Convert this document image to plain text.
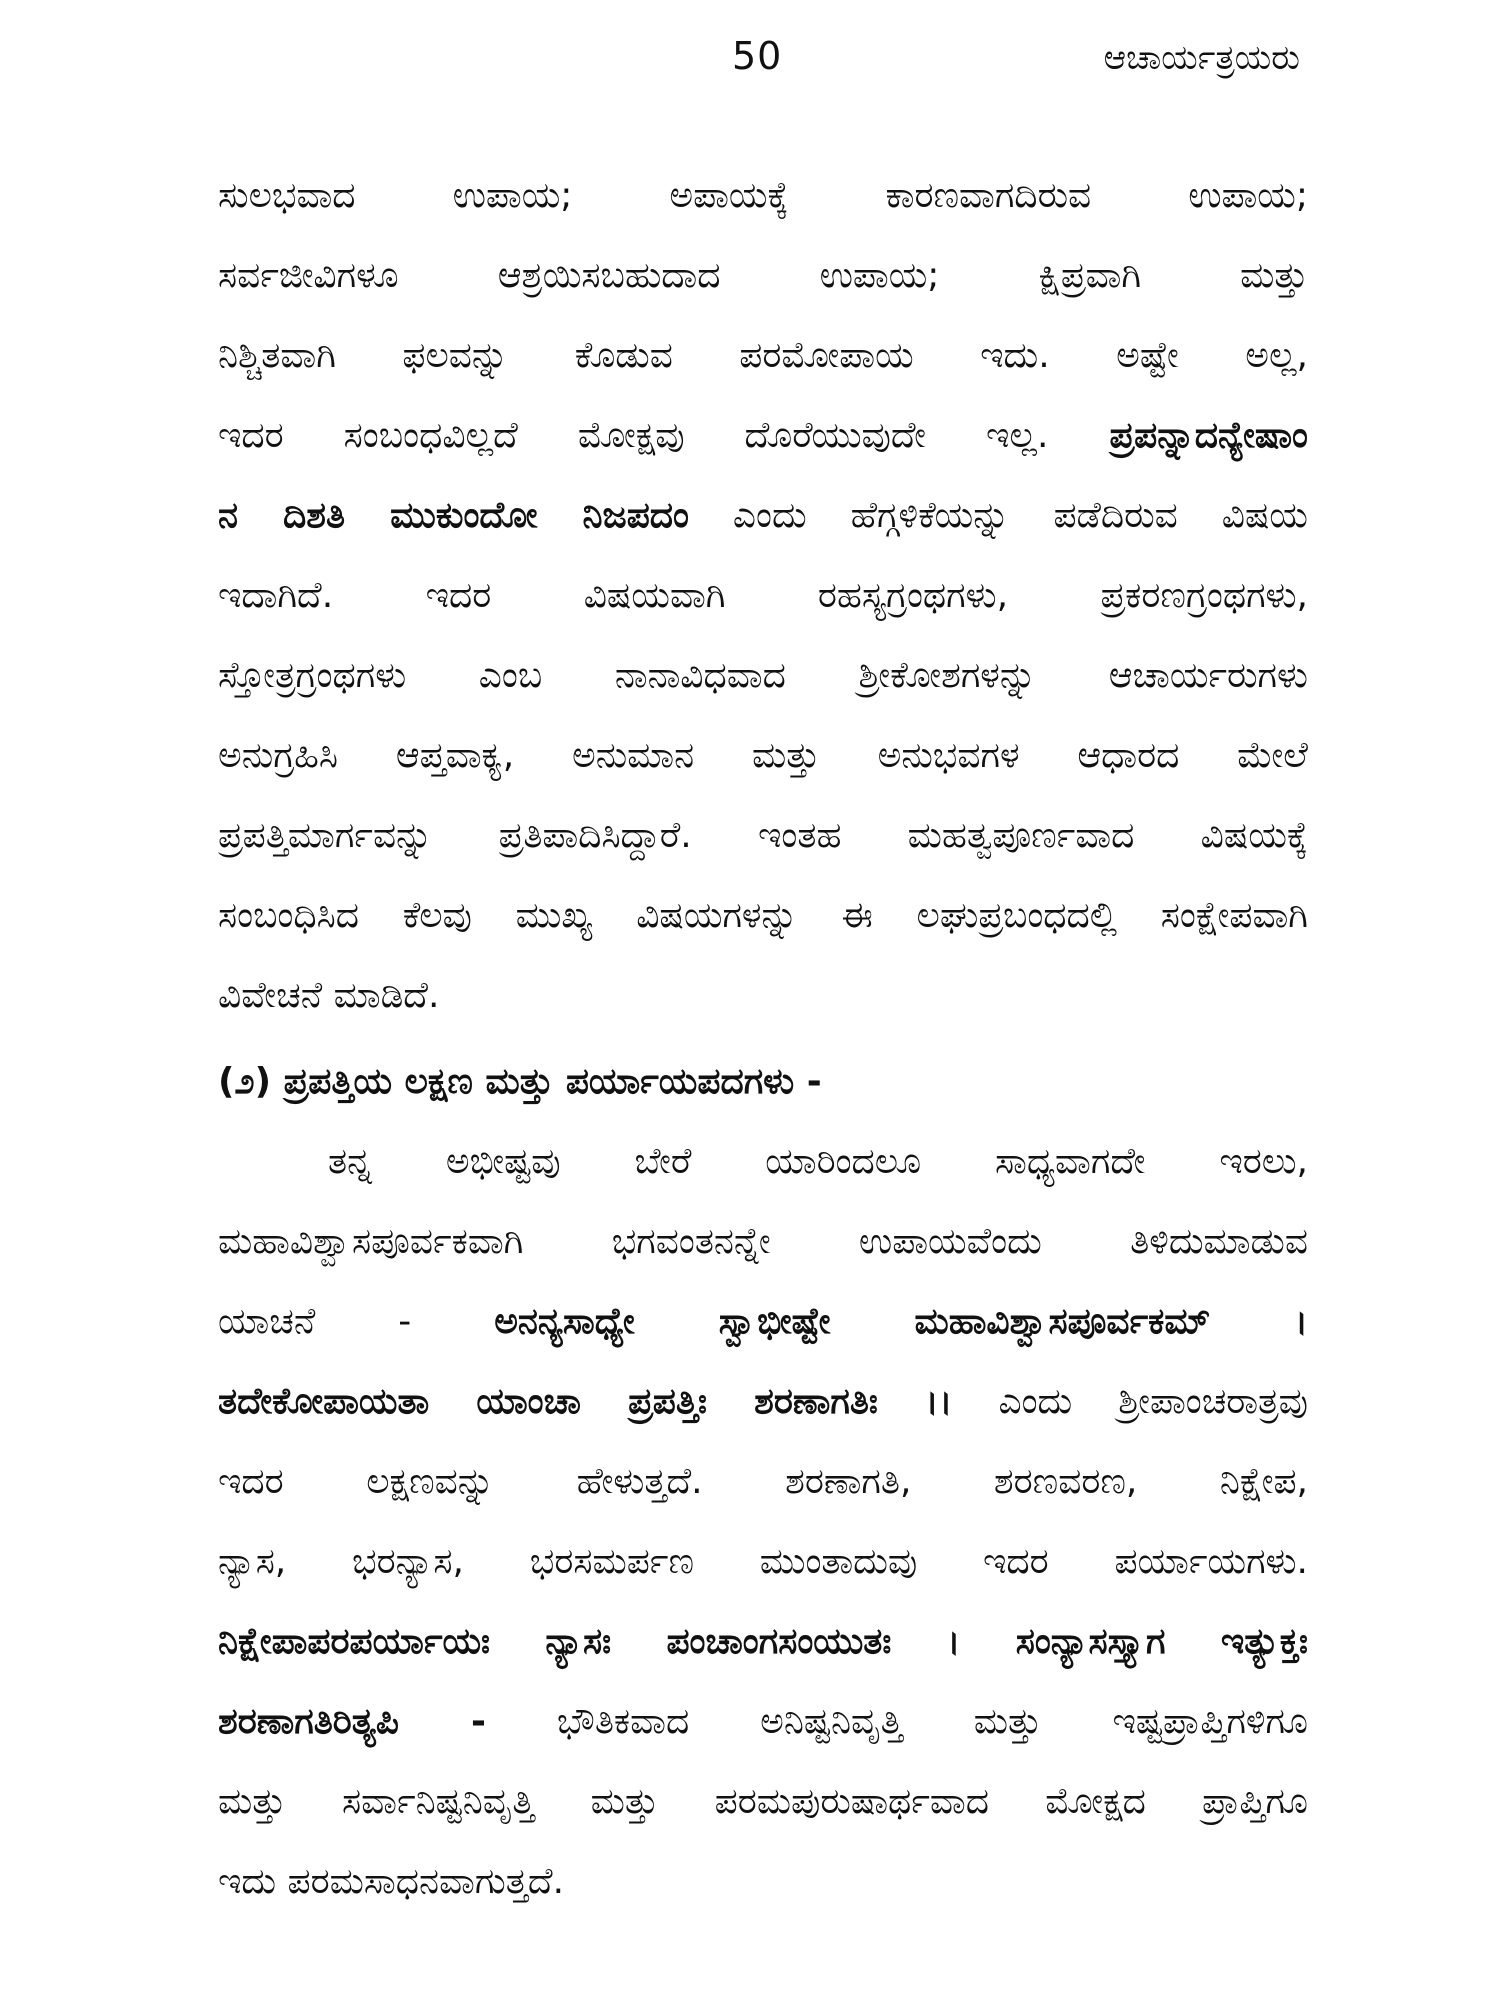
50	ಆಚಾರ್ಯತ್ರಯರು
ಸುಲಭವಾದ ಉಪಾಯ; ಅಪಾಯಕ್ಕೆ ಕಾರಣವಾಗದಿರುವ ಉಪಾಯ;
ಸರ್ವಜೀವಿಗಳೂ ಆಶ್ರಯಿಸಬಹುದಾದ ಉಪಾಯ; ಕ್ಷಿಪ್ರವಾಗಿ ಮತ್ತು
ನಿಶ್ಚಿತವಾಗಿ ಫಲವನ್ನು ಕೊಡುವ ಪರಮೋಪಾಯ ಇದು. ಅಷ್ಟೇ ಅಲ್ಲ,
ಇದರ ಸಂಬಂಧವಿಲ್ಲದೆ ಮೋಕ್ಷವು ದೊರೆಯುವುದೇ ಇಲ್ಲ. ಪ್ರಪನ್ನಾದನ್ಯೇಷಾಂ
ನ ದಿಶತಿ ಮುಕುಂದೋ ನಿಜಪದಂ ಎಂದು ಹೆಗ್ಗಳಿಕೆಯನ್ನು ಪಡೆದಿರುವ ವಿಷಯ
ಇದಾಗಿದೆ. ಇದರ ವಿಷಯವಾಗಿ ರಹಸ್ಯಗ್ರಂಥಗಳು, ಪ್ರಕರಣಗ್ರಂಥಗಳು,
ಸ್ತೋತ್ರಗ್ರಂಥಗಳು ಎಂಬ ನಾನಾವಿಧವಾದ ಶ್ರೀಕೋಶಗಳನ್ನು ಆಚಾರ್ಯರುಗಳು
ಅನುಗ್ರಹಿಸಿ ಆಪ್ತವಾಕ್ಯ, ಅನುಮಾನ ಮತ್ತು ಅನುಭವಗಳ ಆಧಾರದ ಮೇಲೆ
ಪ್ರಪತ್ತಿಮಾರ್ಗವನ್ನು ಪ್ರತಿಪಾದಿಸಿದ್ದಾರೆ. ಇಂತಹ ಮಹತ್ವಪೂರ್ಣವಾದ ವಿಷಯಕ್ಕೆ
ಸಂಬಂಧಿಸಿದ ಕೆಲವು ಮುಖ್ಯ ವಿಷಯಗಳನ್ನು ಈ ಲಘುಪ್ರಬಂಧದಲ್ಲಿ ಸಂಕ್ಷೇಪವಾಗಿ
ವಿವೇಚನೆ ಮಾಡಿದೆ.
(೨) ಪ್ರಪತ್ತಿಯ ಲಕ್ಷಣ ಮತ್ತು ಪರ್ಯಾಯಪದಗಳು -
ತನ್ನ ಅಭೀಷ್ಟವು ಬೇರೆ ಯಾರಿಂದಲೂ ಸಾಧ್ಯವಾಗದೇ ಇರಲು,
ಮಹಾವಿಶ್ವಾಸಪೂರ್ವಕವಾಗಿ ಭಗವಂತನನ್ನೇ ಉಪಾಯವೆಂದು ತಿಳಿದುಮಾಡುವ
ಯಾಚನೆ - ಅನನ್ಯಸಾಧ್ಯೇ ಸ್ವಾಭೀಷ್ಟೇ ಮಹಾವಿಶ್ವಾಸಪೂರ್ವಕಮ್ ।
ತದೇಕೋಪಾಯತಾ ಯಾಂಚಾ ಪ್ರಪತ್ತಿಃ ಶರಣಾಗತಿಃ ।। ಎಂದು ಶ್ರೀಪಾಂಚರಾತ್ರವು
ಇದರ ಲಕ್ಷಣವನ್ನು ಹೇಳುತ್ತದೆ. ಶರಣಾಗತಿ, ಶರಣವರಣ, ನಿಕ್ಷೇಪ,
ನ್ಯಾಸ, ಭರನ್ಯಾಸ, ಭರಸಮರ್ಪಣ ಮುಂತಾದುವು ಇದರ ಪರ್ಯಾಯಗಳು.
ನಿಕ್ಷೇಪಾಪರಪರ್ಯಾಯಃ ನ್ಯಾಸಃ ಪಂಚಾಂಗಸಂಯುತಃ । ಸಂನ್ಯಾಸಸ್ತ್ಯಾಗ ಇತ್ಯುಕ್ತಃ
ಶರಣಾಗತಿರಿತ್ಯಪಿ - ಭೌತಿಕವಾದ ಅನಿಷ್ಟನಿವೃತ್ತಿ ಮತ್ತು ಇಷ್ಟಪ್ರಾಪ್ತಿಗಳಿಗೂ
ಮತ್ತು ಸರ್ವಾನಿಷ್ಟನಿವೃತ್ತಿ ಮತ್ತು ಪರಮಪುರುಷಾರ್ಥವಾದ ಮೋಕ್ಷದ ಪ್ರಾಪ್ತಿಗೂ
ಇದು ಪರಮಸಾಧನವಾಗುತ್ತದೆ.
